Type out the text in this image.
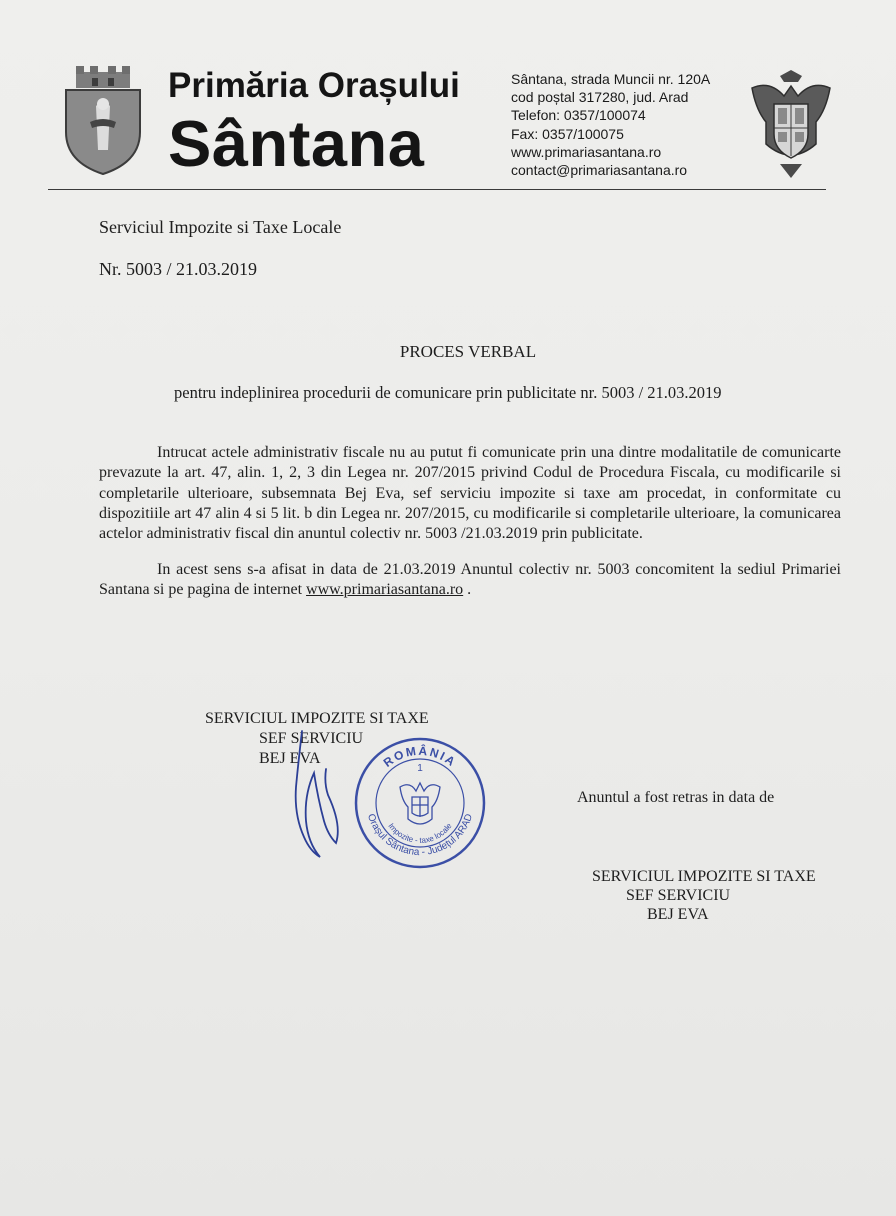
Primăria Orașului
Sântana
Sântana, strada Muncii nr. 120A
cod poștal 317280, jud. Arad
Telefon: 0357/100074
Fax: 0357/100075
www.primariasantana.ro
contact@primariasantana.ro
Serviciul Impozite si Taxe Locale
Nr. 5003 / 21.03.2019
PROCES VERBAL
pentru indeplinirea procedurii de comunicare prin publicitate nr. 5003 / 21.03.2019

Intrucat actele administrativ fiscale nu au putut fi comunicate prin una dintre modalitatile de comunicarte prevazute la art. 47, alin. 1, 2, 3 din Legea nr. 207/2015 privind Codul de Procedura Fiscala, cu modificarile si completarile ulterioare, subsemnata Bej Eva, sef serviciu impozite si taxe am procedat, in conformitate cu dispozitiile art 47 alin 4 si 5 lit. b din Legea nr. 207/2015, cu modificarile si completarile ulterioare, la comunicarea actelor administrativ fiscal din anuntul colectiv nr. 5003 /21.03.2019 prin publicitate.

In acest sens s-a afisat in data de 21.03.2019 Anuntul colectiv nr. 5003 concomitent la sediul Primariei Santana si pe pagina de internet www.primariasantana.ro .

SERVICIUL IMPOZITE SI TAXE
SEF SERVICIU
BEJ EVA	ROMÂNIA
1
Orașul Sântana - Județul ARAD
Impozite - taxe locale
Anuntul a fost retras in data de
SERVICIUL IMPOZITE SI TAXE
SEF SERVICIU
BEJ EVA
